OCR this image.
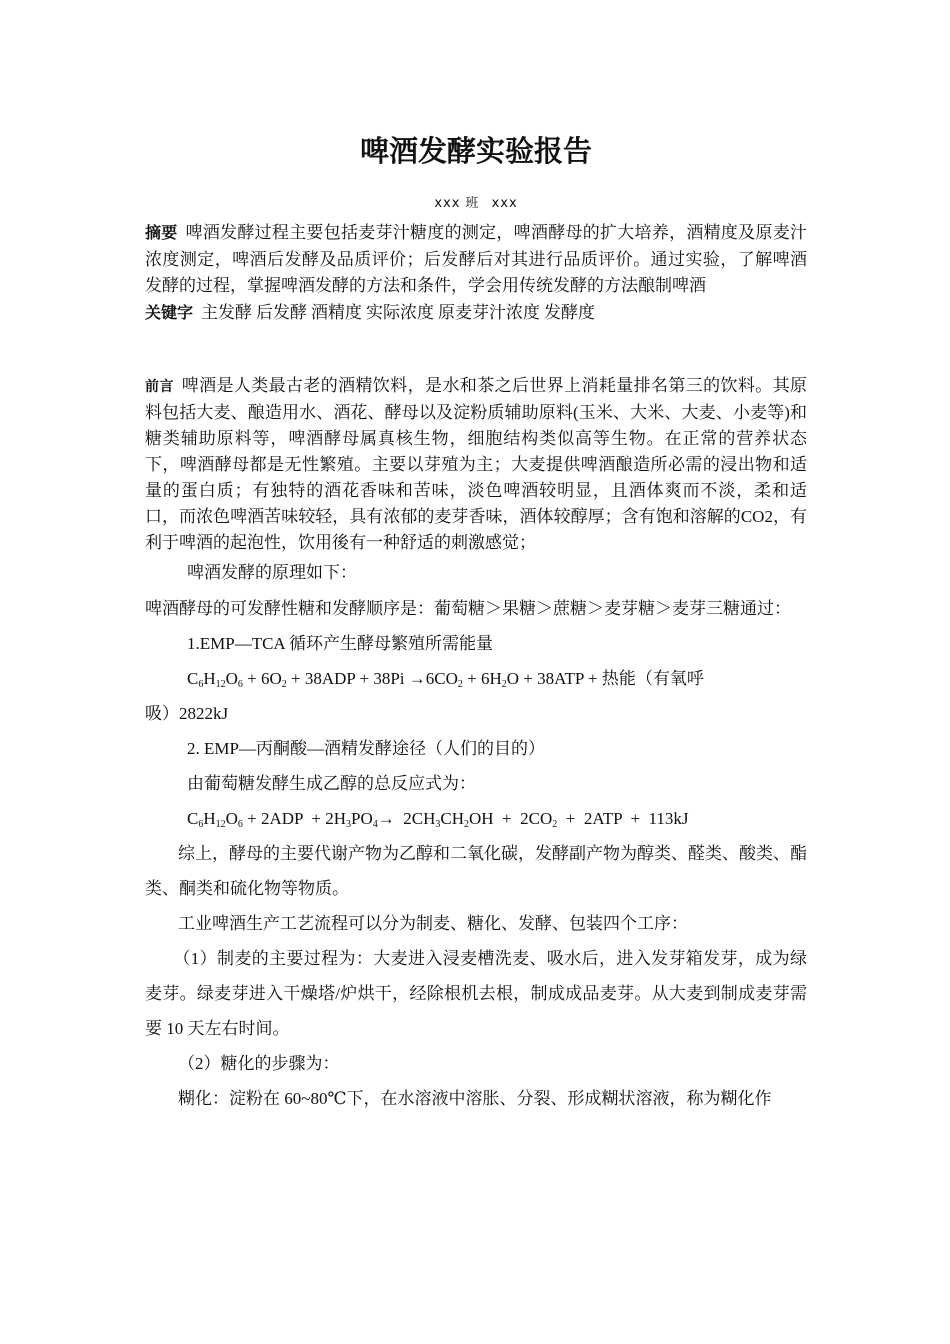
啤酒发酵实验报告
xxx 班 xxx

摘要 啤酒发酵过程主要包括麦芽汁糖度的测定，啤酒酵母的扩大培养，酒精度及原麦汁浓度测定，啤酒后发酵及品质评价；后发酵后对其进行品质评价。通过实验，了解啤酒发酵的过程，掌握啤酒发酵的方法和条件，学会用传统发酵的方法酿制啤酒

关键字 主发酵 后发酵 酒精度 实际浓度 原麦芽汁浓度 发酵度

前言 啤酒是人类最古老的酒精饮料，是水和茶之后世界上消耗量排名第三的饮料。其原料包括大麦、酿造用水、酒花、酵母以及淀粉质辅助原料(玉米、大米、大麦、小麦等)和糖类辅助原料等，啤酒酵母属真核生物，细胞结构类似高等生物。在正常的营养状态下，啤酒酵母都是无性繁殖。主要以芽殖为主；大麦提供啤酒酿造所必需的浸出物和适量的蛋白质；有独特的酒花香味和苦味，淡色啤酒较明显，且酒体爽而不淡，柔和适口，而浓色啤酒苦味较轻，具有浓郁的麦芽香味，酒体较醇厚；含有饱和溶解的CO2，有利于啤酒的起泡性，饮用後有一种舒适的刺激感觉；

啤酒发酵的原理如下：

啤酒酵母的可发酵性糖和发酵顺序是：葡萄糖＞果糖＞蔗糖＞麦芽糖＞麦芽三糖通过：

1.EMP—TCA 循环产生酵母繁殖所需能量

$C_6H_{12}O_6 + 6O_2 + 38ADP + 38Pi \to 6CO_2 + 6H_2O + 38ATP$ + 热能（有氧呼

吸）2822kJ

2. EMP—丙酮酸—酒精发酵途径（人们的目的）

由葡萄糖发酵生成乙醇的总反应式为：

$C_6H_{12}O_6 + 2ADP + 2H_3PO_4\to 2CH_3CH_2OH + 2CO_2 + 2ATP + 113kJ$

综上，酵母的主要代谢产物为乙醇和二氧化碳，发酵副产物为醇类、醛类、酸类、酯类、酮类和硫化物等物质。

工业啤酒生产工艺流程可以分为制麦、糖化、发酵、包装四个工序：

（1）制麦的主要过程为：大麦进入浸麦槽洗麦、吸水后，进入发芽箱发芽，成为绿麦芽。绿麦芽进入干燥塔/炉烘干，经除根机去根，制成成品麦芽。从大麦到制成麦芽需要 10 天左右时间。

（2）糖化的步骤为：

糊化：淀粉在 60~80℃下，在水溶液中溶胀、分裂、形成糊状溶液，称为糊化作
